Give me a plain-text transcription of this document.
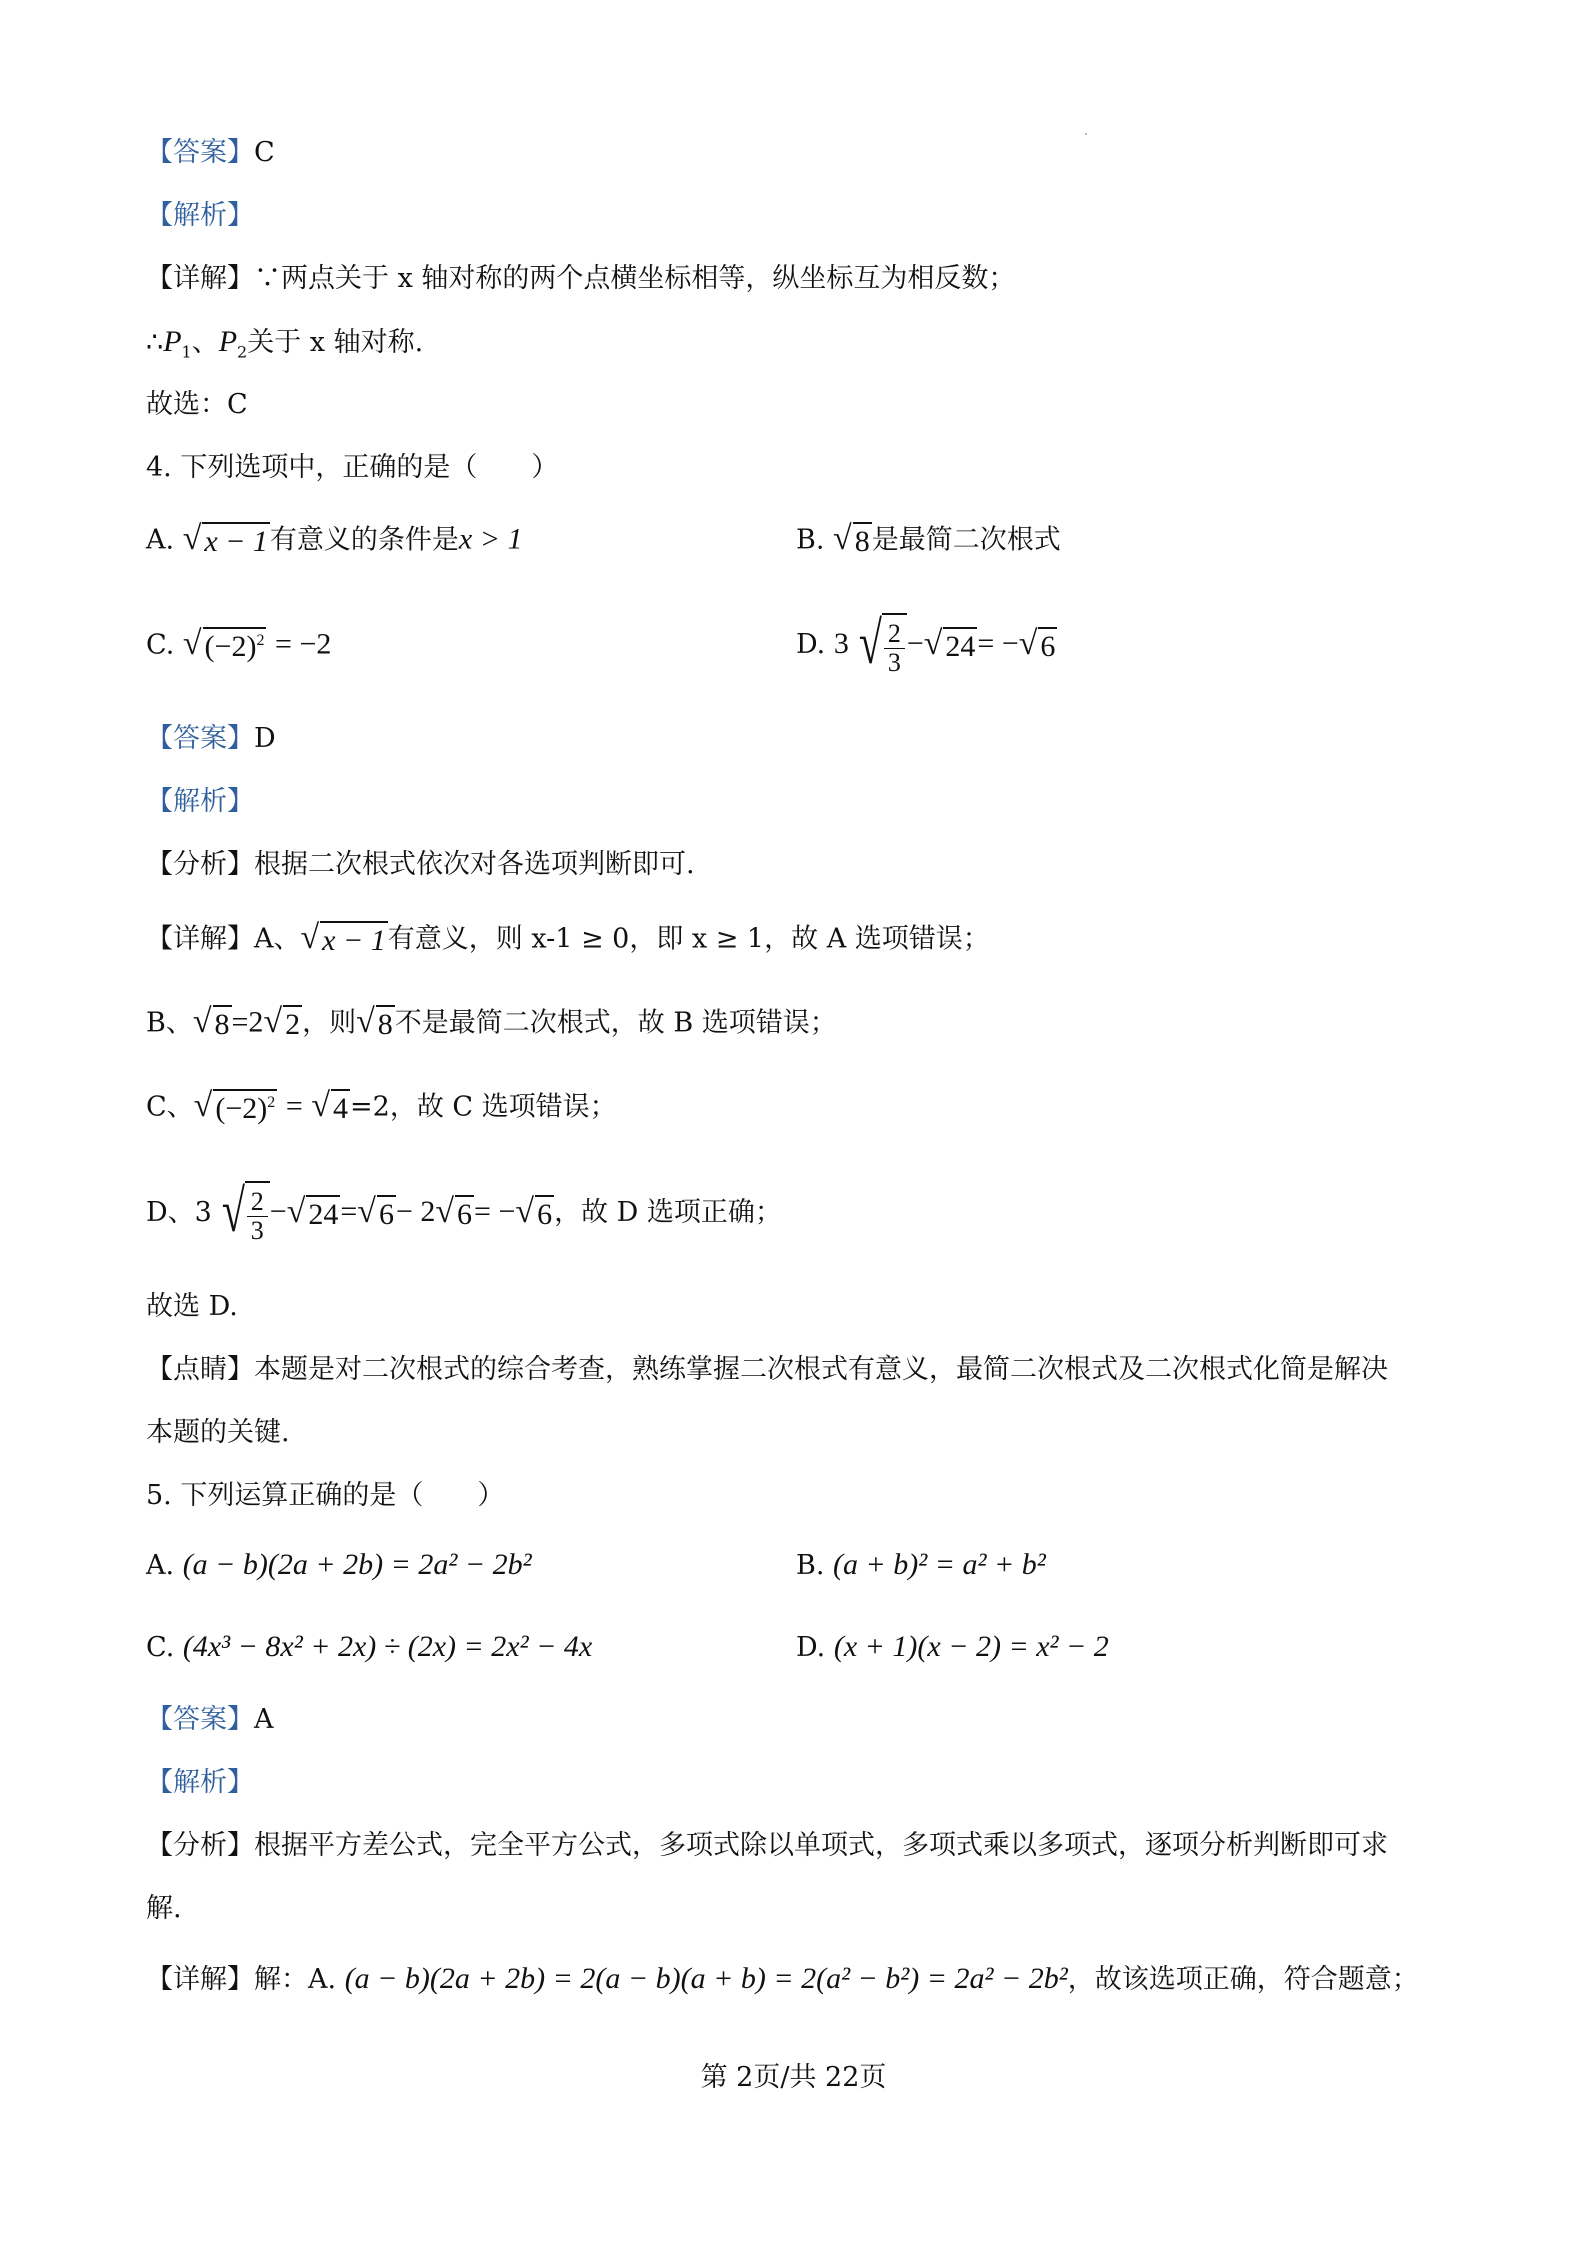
【答案】C
【解析】
【详解】∵两点关于 x 轴对称的两个点横坐标相等，纵坐标互为相反数；
$\therefore P_1$、$P_2$关于 x 轴对称.
故选：C
4. 下列选项中，正确的是（　　）
A. √ x − 1 有意义的条件是x > 1	B. √ 8 是最简二次根式
C. √ $(-2)^2 = -2$	D. 3 √ $\frac{2}{3}$ − √ 24 = − √ 6
【答案】D
【解析】
【分析】根据二次根式依次对各选项判断即可.
【详解】A、 √ x − 1 有意义，则 x-1 ≥ 0，即 x ≥ 1，故 A 选项错误；
B、 √ 8 =2 √ 2 ，则 √ 8 不是最简二次根式，故 B 选项错误；
C、 √ $(-2)^2$ = √ 4 =2，故 C 选项错误；
D、3 √ $\frac{2}{3}$ − √ 24 = √ 6 − 2 √ 6 = − √ 6 ，故 D 选项正确；
故选 D.
【点睛】本题是对二次根式的综合考查，熟练掌握二次根式有意义，最简二次根式及二次根式化简是解决
本题的关键.
5. 下列运算正确的是（　　）
A. (a − b)(2a + 2b) = 2a² − 2b²	B. (a + b)² = a² + b²
C. (4x³ − 8x² + 2x) ÷ (2x) = 2x² − 4x	D. (x + 1)(x − 2) = x² − 2
【答案】A
【解析】
【分析】根据平方差公式，完全平方公式，多项式除以单项式，多项式乘以多项式，逐项分析判断即可求
解.
【详解】解：A. (a − b)(2a + 2b) = 2(a − b)(a + b) = 2(a² − b²) = 2a² − 2b²，故该选项正确，符合题意；
第 2页/共 22页
